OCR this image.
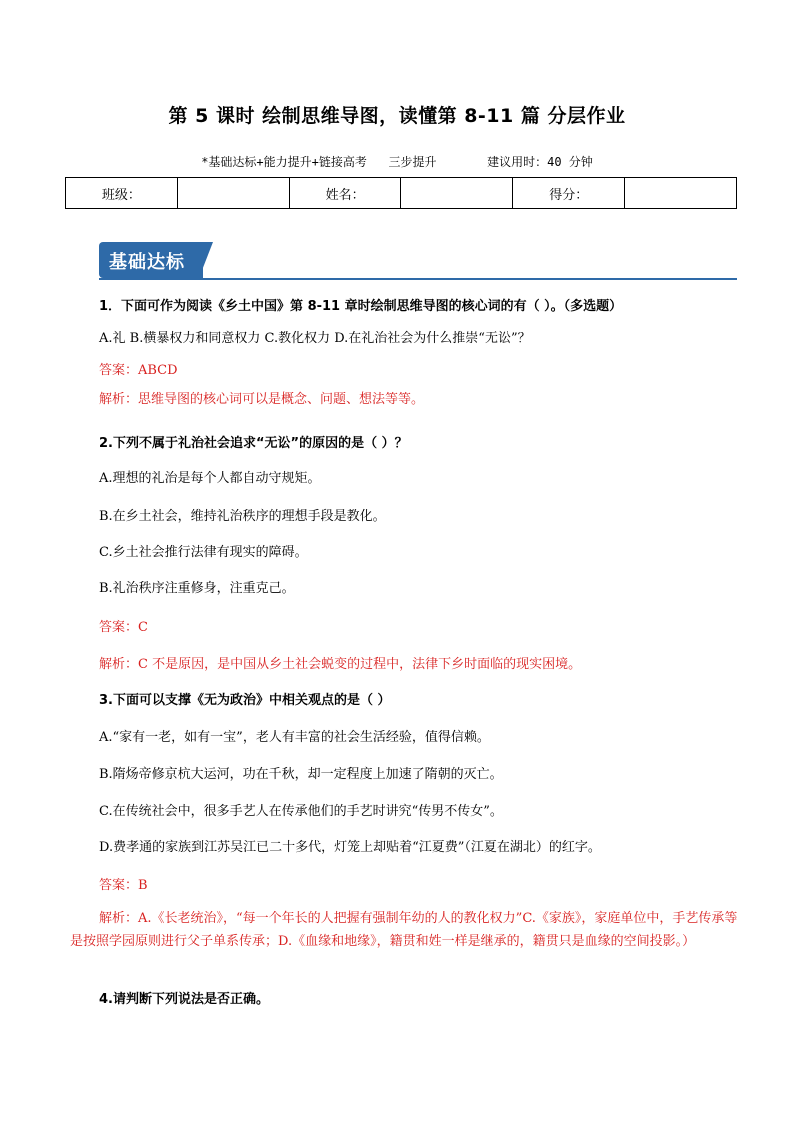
第 5 课时 绘制思维导图，读懂第 8-11 篇 分层作业
*基础达标+能力提升+链接高考   三步提升       建议用时：40 分钟
班级：		姓名：		得分：	
基础达标
1．下面可作为阅读《乡土中国》第 8-11 章时绘制思维导图的核心词的有（ ）。（多选题）
A.礼 B.横暴权力和同意权力 C.教化权力 D.在礼治社会为什么推崇“无讼”？
答案：ABCD
解析：思维导图的核心词可以是概念、问题、想法等等。
2.下列不属于礼治社会追求“无讼”的原因的是（ ）？
A.理想的礼治是每个人都自动守规矩。
B.在乡土社会，维持礼治秩序的理想手段是教化。
C.乡土社会推行法律有现实的障碍。
B.礼治秩序注重修身，注重克己。
答案：C
解析：C 不是原因，是中国从乡土社会蜕变的过程中，法律下乡时面临的现实困境。
3.下面可以支撑《无为政治》中相关观点的是（ ）
A.“家有一老，如有一宝”，老人有丰富的社会生活经验，值得信赖。
B.隋炀帝修京杭大运河，功在千秋，却一定程度上加速了隋朝的灭亡。
C.在传统社会中，很多手艺人在传承他们的手艺时讲究“传男不传女”。
D.费孝通的家族到江苏吴江已二十多代，灯笼上却贴着“江夏费”（江夏在湖北）的红字。
答案：B
解析：A.《长老统治》，“每一个年长的人把握有强制年幼的人的教化权力”C.《家族》，家庭单位中，手艺传承等是按照学园原则进行父子单系传承；D.《血缘和地缘》，籍贯和姓一样是继承的，籍贯只是血缘的空间投影。）
4.请判断下列说法是否正确。
